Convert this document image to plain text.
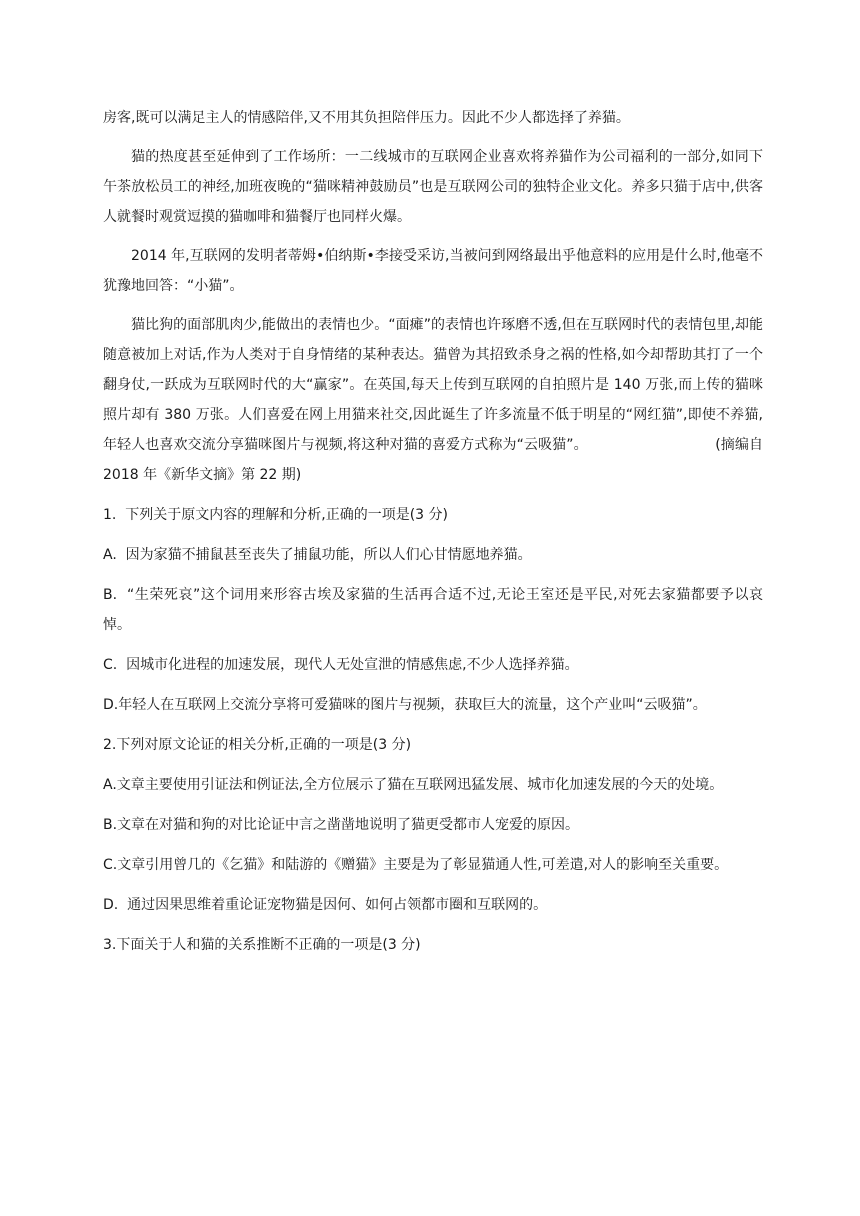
房客,既可以满足主人的情感陪伴,又不用其负担陪伴压力。因此不少人都选择了养猫。

猫的热度甚至延伸到了工作场所：一二线城市的互联网企业喜欢将养猫作为公司福利的一部分,如同下午茶放松员工的神经,加班夜晚的“猫咪精神鼓励员”也是互联网公司的独特企业文化。养多只猫于店中,供客人就餐时观赏逗摸的猫咖啡和猫餐厅也同样火爆。

2014 年,互联网的发明者蒂姆•伯纳斯•李接受采访,当被问到网络最出乎他意料的应用是什么时,他毫不犹豫地回答：“小猫”。

猫比狗的面部肌肉少,能做出的表情也少。“面瘫”的表情也许琢磨不透,但在互联网时代的表情包里,却能随意被加上对话,作为人类对于自身情绪的某种表达。猫曾为其招致杀身之祸的性格,如今却帮助其打了一个翻身仗,一跃成为互联网时代的大“赢家”。在英国,每天上传到互联网的自拍照片是 140 万张,而上传的猫咪照片却有 380 万张。人们喜爱在网上用猫来社交,因此诞生了许多流量不低于明星的“网红猫”,即使不养猫,年轻人也喜欢交流分享猫咪图片与视频,将这种对猫的喜爱方式称为“云吸猫”。                            (摘编自 2018 年《新华文摘》第 22 期)

1.  下列关于原文内容的理解和分析,正确的一项是(3 分)

A.  因为家猫不捕鼠甚至丧失了捕鼠功能，所以人们心甘情愿地养猫。

B.  “生荣死哀”这个词用来形容古埃及家猫的生活再合适不过,无论王室还是平民,对死去家猫都要予以哀悼。

C.  因城市化进程的加速发展，现代人无处宣泄的情感焦虑,不少人选择养猫。

D.年轻人在互联网上交流分享将可爱猫咪的图片与视频，获取巨大的流量，这个产业叫“云吸猫”。

2.下列对原文论证的相关分析,正确的一项是(3 分)

A.文章主要使用引证法和例证法,全方位展示了猫在互联网迅猛发展、城市化加速发展的今天的处境。

B.文章在对猫和狗的对比论证中言之凿凿地说明了猫更受都市人宠爱的原因。

C.文章引用曾几的《乞猫》和陆游的《赠猫》主要是为了彰显猫通人性,可差遣,对人的影响至关重要。

D.  通过因果思维着重论证宠物猫是因何、如何占领都市圈和互联网的。

3.下面关于人和猫的关系推断不正确的一项是(3 分)
